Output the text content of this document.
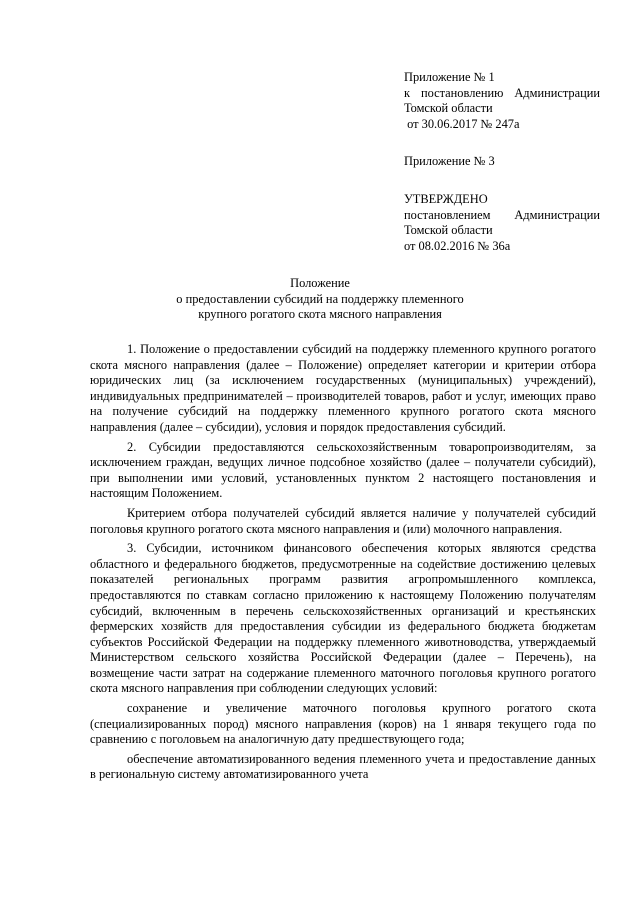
Приложение № 1
к постановлению Администрации
Томской области
от 30.06.2017 № 247а
Приложение № 3
УТВЕРЖДЕНО
постановлением Администрации
Томской области
от 08.02.2016 № 36а
Положение
о предоставлении субсидий на поддержку племенного
крупного рогатого скота мясного направления

1. Положение о предоставлении субсидий на поддержку племенного крупного рогатого скота мясного направления (далее – Положение) определяет категории и критерии отбора юридических лиц (за исключением государственных (муниципальных) учреждений), индивидуальных предпринимателей – производителей товаров, работ и услуг, имеющих право на получение субсидий на поддержку племенного крупного рогатого скота мясного направления (далее – субсидии), условия и порядок предоставления субсидий.

2. Субсидии предоставляются сельскохозяйственным товаропроизводителям, за исключением граждан, ведущих личное подсобное хозяйство (далее – получатели субсидий), при выполнении ими условий, установленных пунктом 2 настоящего постановления и настоящим Положением.

Критерием отбора получателей субсидий является наличие у получателей субсидий поголовья крупного рогатого скота мясного направления и (или) молочного направления.

3. Субсидии, источником финансового обеспечения которых являются средства областного и федерального бюджетов, предусмотренные на содействие достижению целевых показателей региональных программ развития агропромышленного комплекса, предоставляются по ставкам согласно приложению к настоящему Положению получателям субсидий, включенным в перечень сельскохозяйственных организаций и крестьянских фермерских хозяйств для предоставления субсидии из федерального бюджета бюджетам субъектов Российской Федерации на поддержку племенного животноводства, утверждаемый Министерством сельского хозяйства Российской Федерации (далее – Перечень), на возмещение части затрат на содержание племенного маточного поголовья крупного рогатого скота мясного направления при соблюдении следующих условий:

сохранение и увеличение маточного поголовья крупного рогатого скота (специализированных пород) мясного направления (коров) на 1 января текущего года по сравнению с поголовьем на аналогичную дату предшествующего года;

обеспечение автоматизированного ведения племенного учета и предоставление данных в региональную систему автоматизированного учета
